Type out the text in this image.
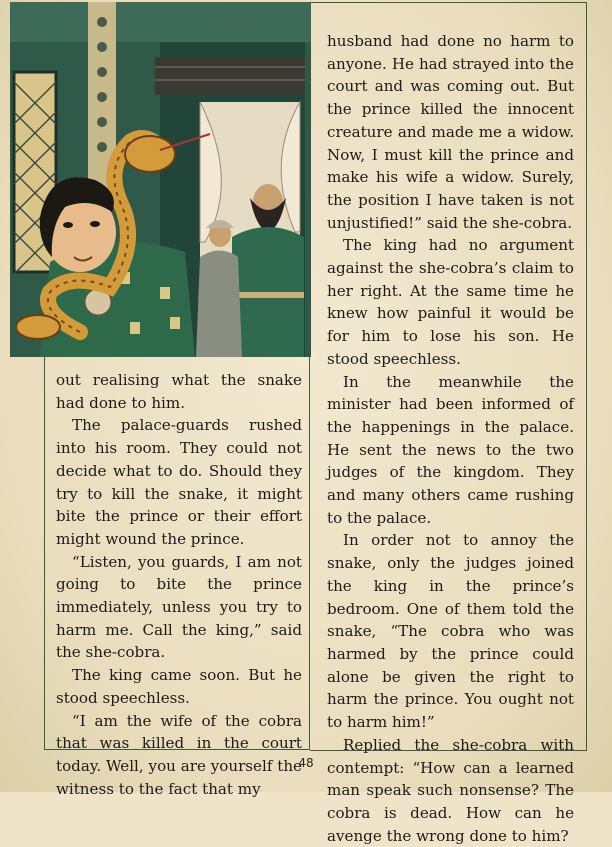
out realising what the snake had done to him.

The palace-guards rushed into his room. They could not decide what to do. Should they try to kill the snake, it might bite the prince or their effort might wound the prince.

“Listen, you guards, I am not going to bite the prince immediately, unless you try to harm me. Call the king,” said the she-cobra.

The king came soon. But he stood speechless.

“I am the wife of the cobra that was killed in the court today. Well, you are yourself the witness to the fact that my

husband had done no harm to anyone. He had strayed into the court and was coming out. But the prince killed the innocent creature and made me a widow. Now, I must kill the prince and make his wife a widow. Surely, the position I have taken is not unjustified!” said the she-cobra.

The king had no argument against the she-cobra’s claim to her right. At the same time he knew how painful it would be for him to lose his son. He stood speechless.

In the meanwhile the minister had been informed of the happenings in the palace. He sent the news to the two judges of the kingdom. They and many others came rushing to the palace.

In order not to annoy the snake, only the judges joined the king in the prince’s bedroom. One of them told the snake, “The cobra who was harmed by the prince could alone be given the right to harm the prince. You ought not to harm him!”

Replied the she-cobra with contempt: “How can a learned man speak such nonsense? The cobra is dead. How can he avenge the wrong done to him?

48
